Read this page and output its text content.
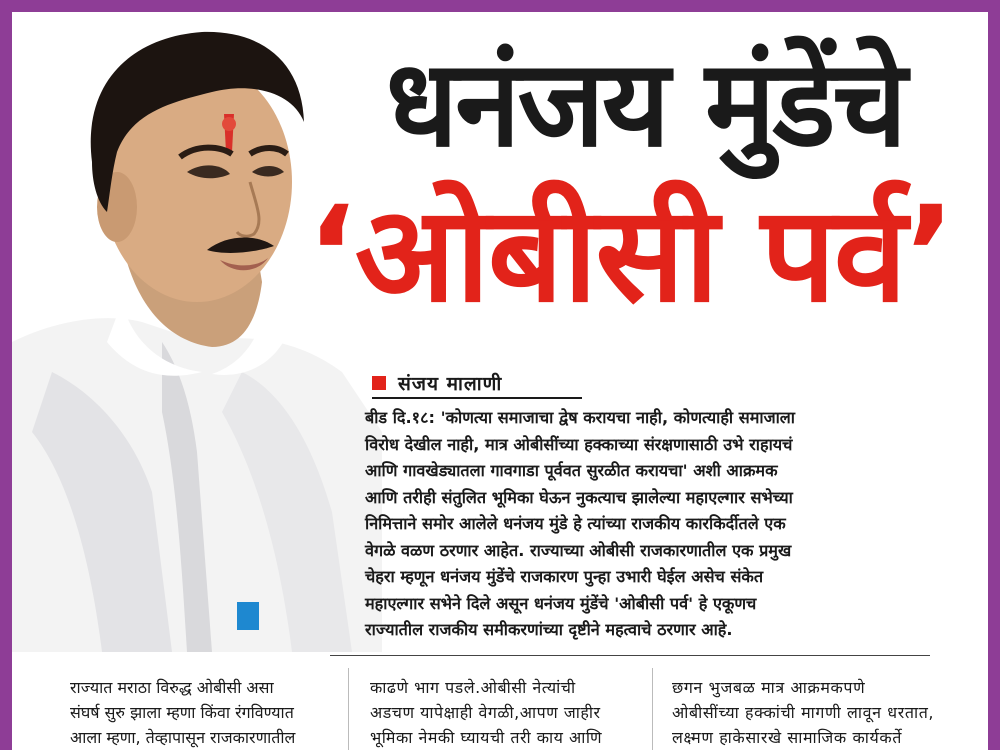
धनंजय मुंडेंचे
‘ओबीसी पर्व’
संजय मालाणी
बीड दि.१८: 'कोणत्या समाजाचा द्वेष करायचा नाही, कोणत्याही समाजाला
विरोध देखील नाही, मात्र ओबीसींच्या हक्काच्या संरक्षणासाठी उभे राहायचं
आणि गावखेड्यातला गावगाडा पूर्ववत सुरळीत करायचा' अशी आक्रमक
आणि तरीही संतुलित भूमिका घेऊन नुकत्याच झालेल्या महाएल्गार सभेच्या
निमित्ताने समोर आलेले धनंजय मुंडे हे त्यांच्या राजकीय कारकिर्दीतले एक
वेगळे वळण ठरणार आहेत. राज्याच्या ओबीसी राजकारणातील एक प्रमुख
चेहरा म्हणून धनंजय मुंडेंचे राजकारण पुन्हा उभारी घेईल असेच संकेत
महाएल्गार सभेने दिले असून धनंजय मुंडेंचे 'ओबीसी पर्व' हे एकूणच
राज्यातील राजकीय समीकरणांच्या दृष्टीने महत्वाचे ठरणार आहे.
राज्यात मराठा विरुद्ध ओबीसी असा
संघर्ष सुरु झाला म्हणा किंवा रंगविण्यात
आला म्हणा, तेव्हापासून राजकारणातील
काढणे भाग पडले.ओबीसी नेत्यांची
अडचण यापेक्षाही वेगळी,आपण जाहीर
भूमिका नेमकी घ्यायची तरी काय आणि
छगन भुजबळ मात्र आक्रमकपणे
ओबीसींच्या हक्कांची मागणी लावून धरतात,
लक्ष्मण हाकेसारखे सामाजिक कार्यकर्ते
